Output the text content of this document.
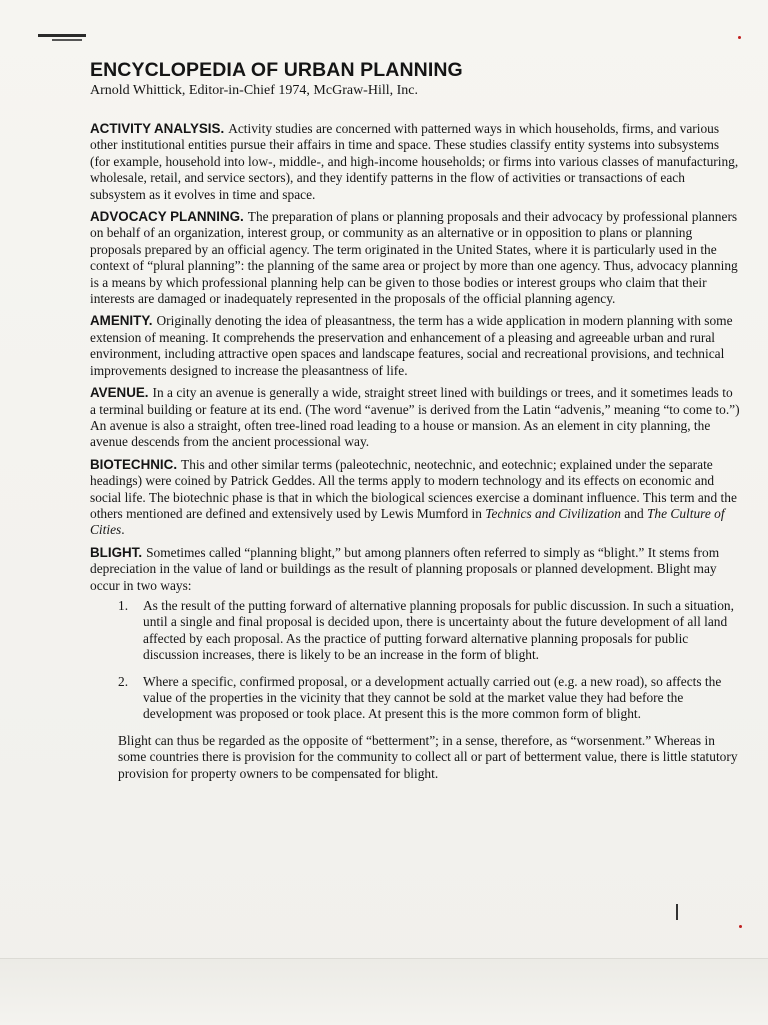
ENCYCLOPEDIA OF URBAN PLANNING

Arnold Whittick, Editor-in-Chief 1974, McGraw-Hill, Inc.

ACTIVITY ANALYSIS. Activity studies are concerned with patterned ways in which households, firms, and various other institutional entities pursue their affairs in time and space. These studies classify entity systems into subsystems (for example, household into low-, middle-, and high-income households; or firms into various classes of manufacturing, wholesale, retail, and service sectors), and they identify patterns in the flow of activities or transactions of each subsystem as it evolves in time and space.

ADVOCACY PLANNING. The preparation of plans or planning proposals and their advocacy by professional planners on behalf of an organization, interest group, or community as an alternative or in opposition to plans or planning proposals prepared by an official agency. The term originated in the United States, where it is particularly used in the context of “plural planning”: the planning of the same area or project by more than one agency. Thus, advocacy planning is a means by which professional planning help can be given to those bodies or interest groups who claim that their interests are damaged or inadequately represented in the proposals of the official planning agency.

AMENITY. Originally denoting the idea of pleasantness, the term has a wide application in modern planning with some extension of meaning. It comprehends the preservation and enhancement of a pleasing and agreeable urban and rural environment, including attractive open spaces and landscape features, social and recreational provisions, and technical improvements designed to increase the pleasantness of life.

AVENUE. In a city an avenue is generally a wide, straight street lined with buildings or trees, and it sometimes leads to a terminal building or feature at its end. (The word “avenue” is derived from the Latin “advenis,” meaning “to come to.”) An avenue is also a straight, often tree-lined road leading to a house or mansion. As an element in city planning, the avenue descends from the ancient processional way.

BIOTECHNIC. This and other similar terms (paleotechnic, neotechnic, and eotechnic; explained under the separate headings) were coined by Patrick Geddes. All the terms apply to modern technology and its effects on economic and social life. The biotechnic phase is that in which the biological sciences exercise a dominant influence. This term and the others mentioned are defined and extensively used by Lewis Mumford in Technics and Civilization and The Culture of Cities.

BLIGHT. Sometimes called “planning blight,” but among planners often referred to simply as “blight.” It stems from depreciation in the value of land or buildings as the result of planning proposals or planned development. Blight may occur in two ways:

1. As the result of the putting forward of alternative planning proposals for public discussion. In such a situation, until a single and final proposal is decided upon, there is uncertainty about the future development of all land affected by each proposal. As the practice of putting forward alternative planning proposals for public discussion increases, there is likely to be an increase in the form of blight.
2. Where a specific, confirmed proposal, or a development actually carried out (e.g. a new road), so affects the value of the properties in the vicinity that they cannot be sold at the market value they had before the development was proposed or took place. At present this is the more common form of blight.

Blight can thus be regarded as the opposite of “betterment”; in a sense, therefore, as “worsenment.” Whereas in some countries there is provision for the community to collect all or part of betterment value, there is little statutory provision for property owners to be compensated for blight.
